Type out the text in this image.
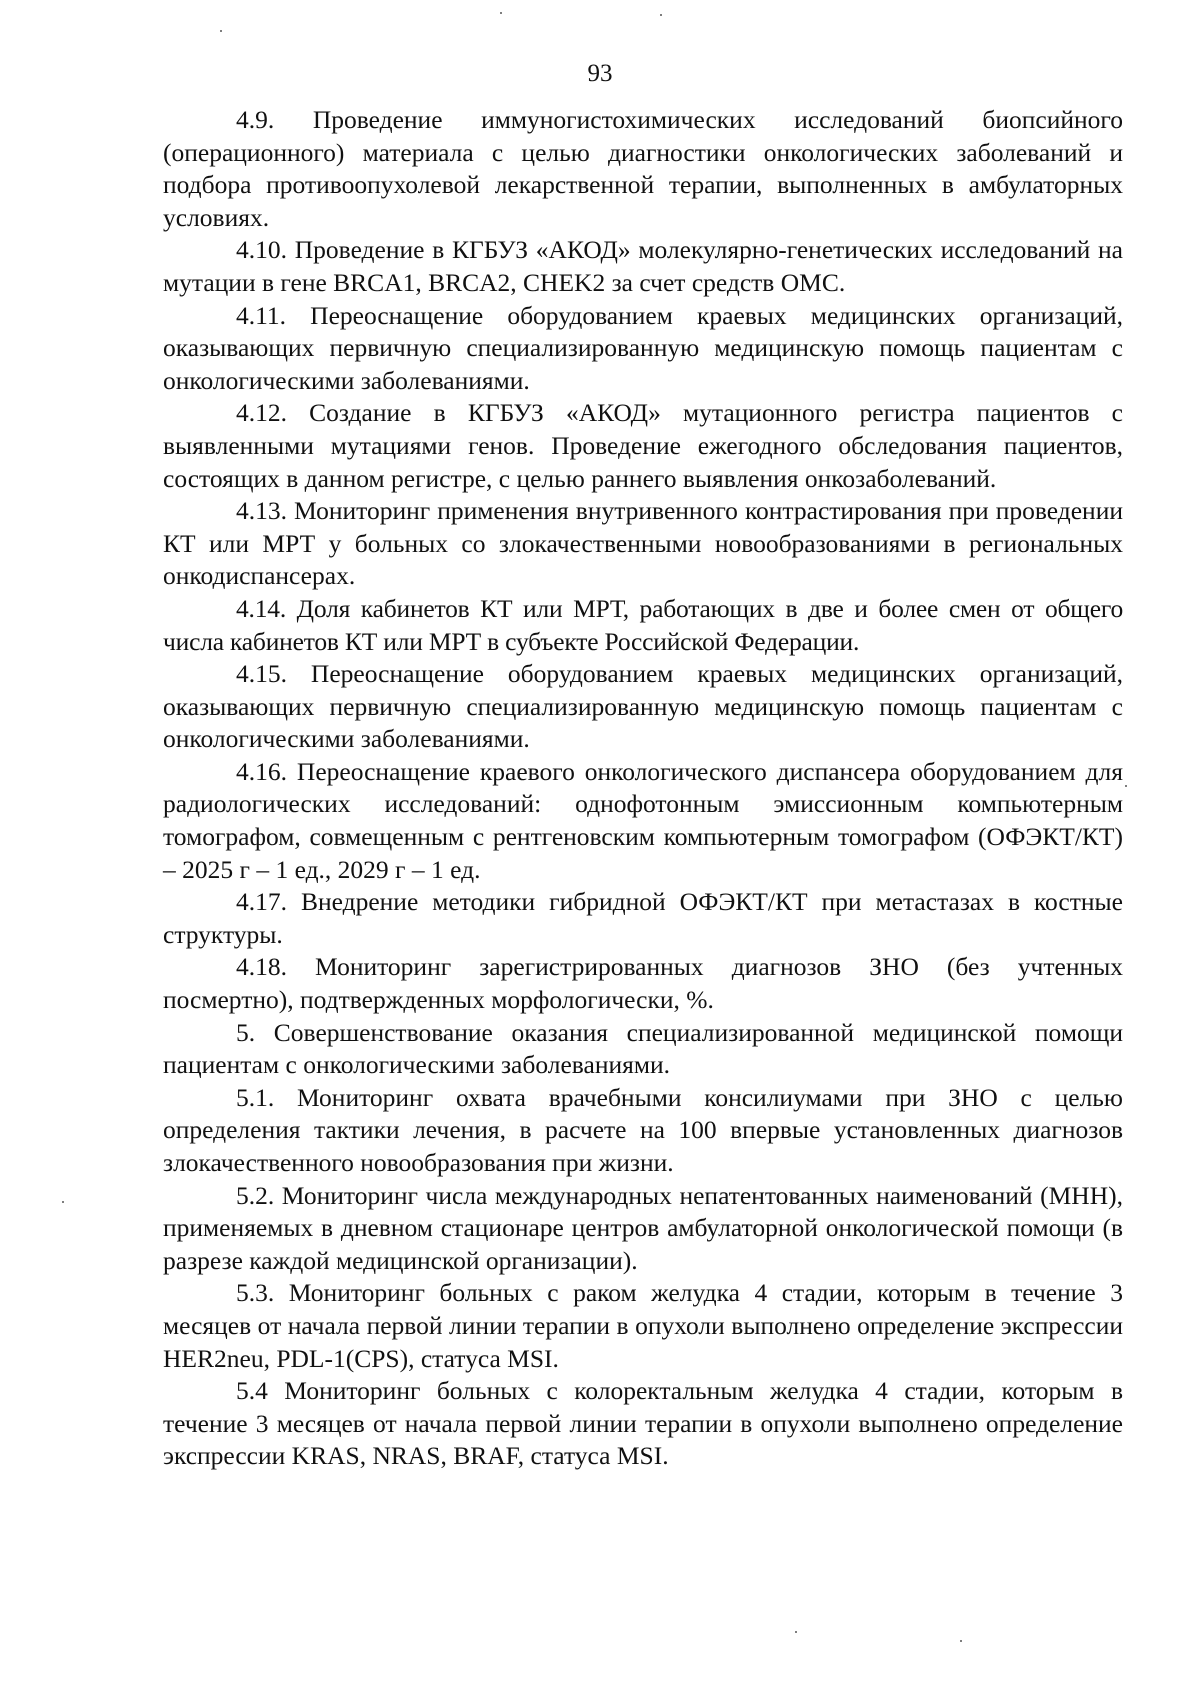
93

4.9. Проведение иммуногистохимических исследований биопсийного (операционного) материала с целью диагностики онкологических заболеваний и подбора противоопухолевой лекарственной терапии, выполненных в амбулаторных условиях.

4.10. Проведение в КГБУЗ «АКОД» молекулярно-генетических исследований на мутации в гене BRCA1, BRCA2, CHEK2 за счет средств ОМС.

4.11. Переоснащение оборудованием краевых медицинских организаций, оказывающих первичную специализированную медицинскую помощь пациентам с онкологическими заболеваниями.

4.12. Создание в КГБУЗ «АКОД» мутационного регистра пациентов с выявленными мутациями генов. Проведение ежегодного обследования пациентов, состоящих в данном регистре, с целью раннего выявления онкозаболеваний.

4.13. Мониторинг применения внутривенного контрастирования при проведении КТ или МРТ у больных со злокачественными новообразованиями в региональных онкодиспансерах.

4.14. Доля кабинетов КТ или МРТ, работающих в две и более смен от общего числа кабинетов КТ или МРТ в субъекте Российской Федерации.

4.15. Переоснащение оборудованием краевых медицинских организаций, оказывающих первичную специализированную медицинскую помощь пациентам с онкологическими заболеваниями.

4.16. Переоснащение краевого онкологического диспансера оборудованием для радиологических исследований: однофотонным эмиссионным компьютерным томографом, совмещенным с рентгеновским компьютерным томографом (ОФЭКТ/КТ) – 2025 г – 1 ед., 2029 г – 1 ед.

4.17. Внедрение методики гибридной ОФЭКТ/КТ при метастазах в костные структуры.

4.18. Мониторинг зарегистрированных диагнозов ЗНО (без учтенных посмертно), подтвержденных морфологически, %.

5. Совершенствование оказания специализированной медицинской помощи пациентам с онкологическими заболеваниями.

5.1. Мониторинг охвата врачебными консилиумами при ЗНО с целью определения тактики лечения, в расчете на 100 впервые установленных диагнозов злокачественного новообразования при жизни.

5.2. Мониторинг числа международных непатентованных наименований (МНН), применяемых в дневном стационаре центров амбулаторной онкологической помощи (в разрезе каждой медицинской организации).

5.3. Мониторинг больных с раком желудка 4 стадии, которым в течение 3 месяцев от начала первой линии терапии в опухоли выполнено определение экспрессии HER2neu, PDL-1(CPS), статуса MSI.

5.4 Мониторинг больных с колоректальным желудка 4 стадии, которым в течение 3 месяцев от начала первой линии терапии в опухоли выполнено определение экспрессии KRAS, NRAS, BRAF, статуса MSI.
